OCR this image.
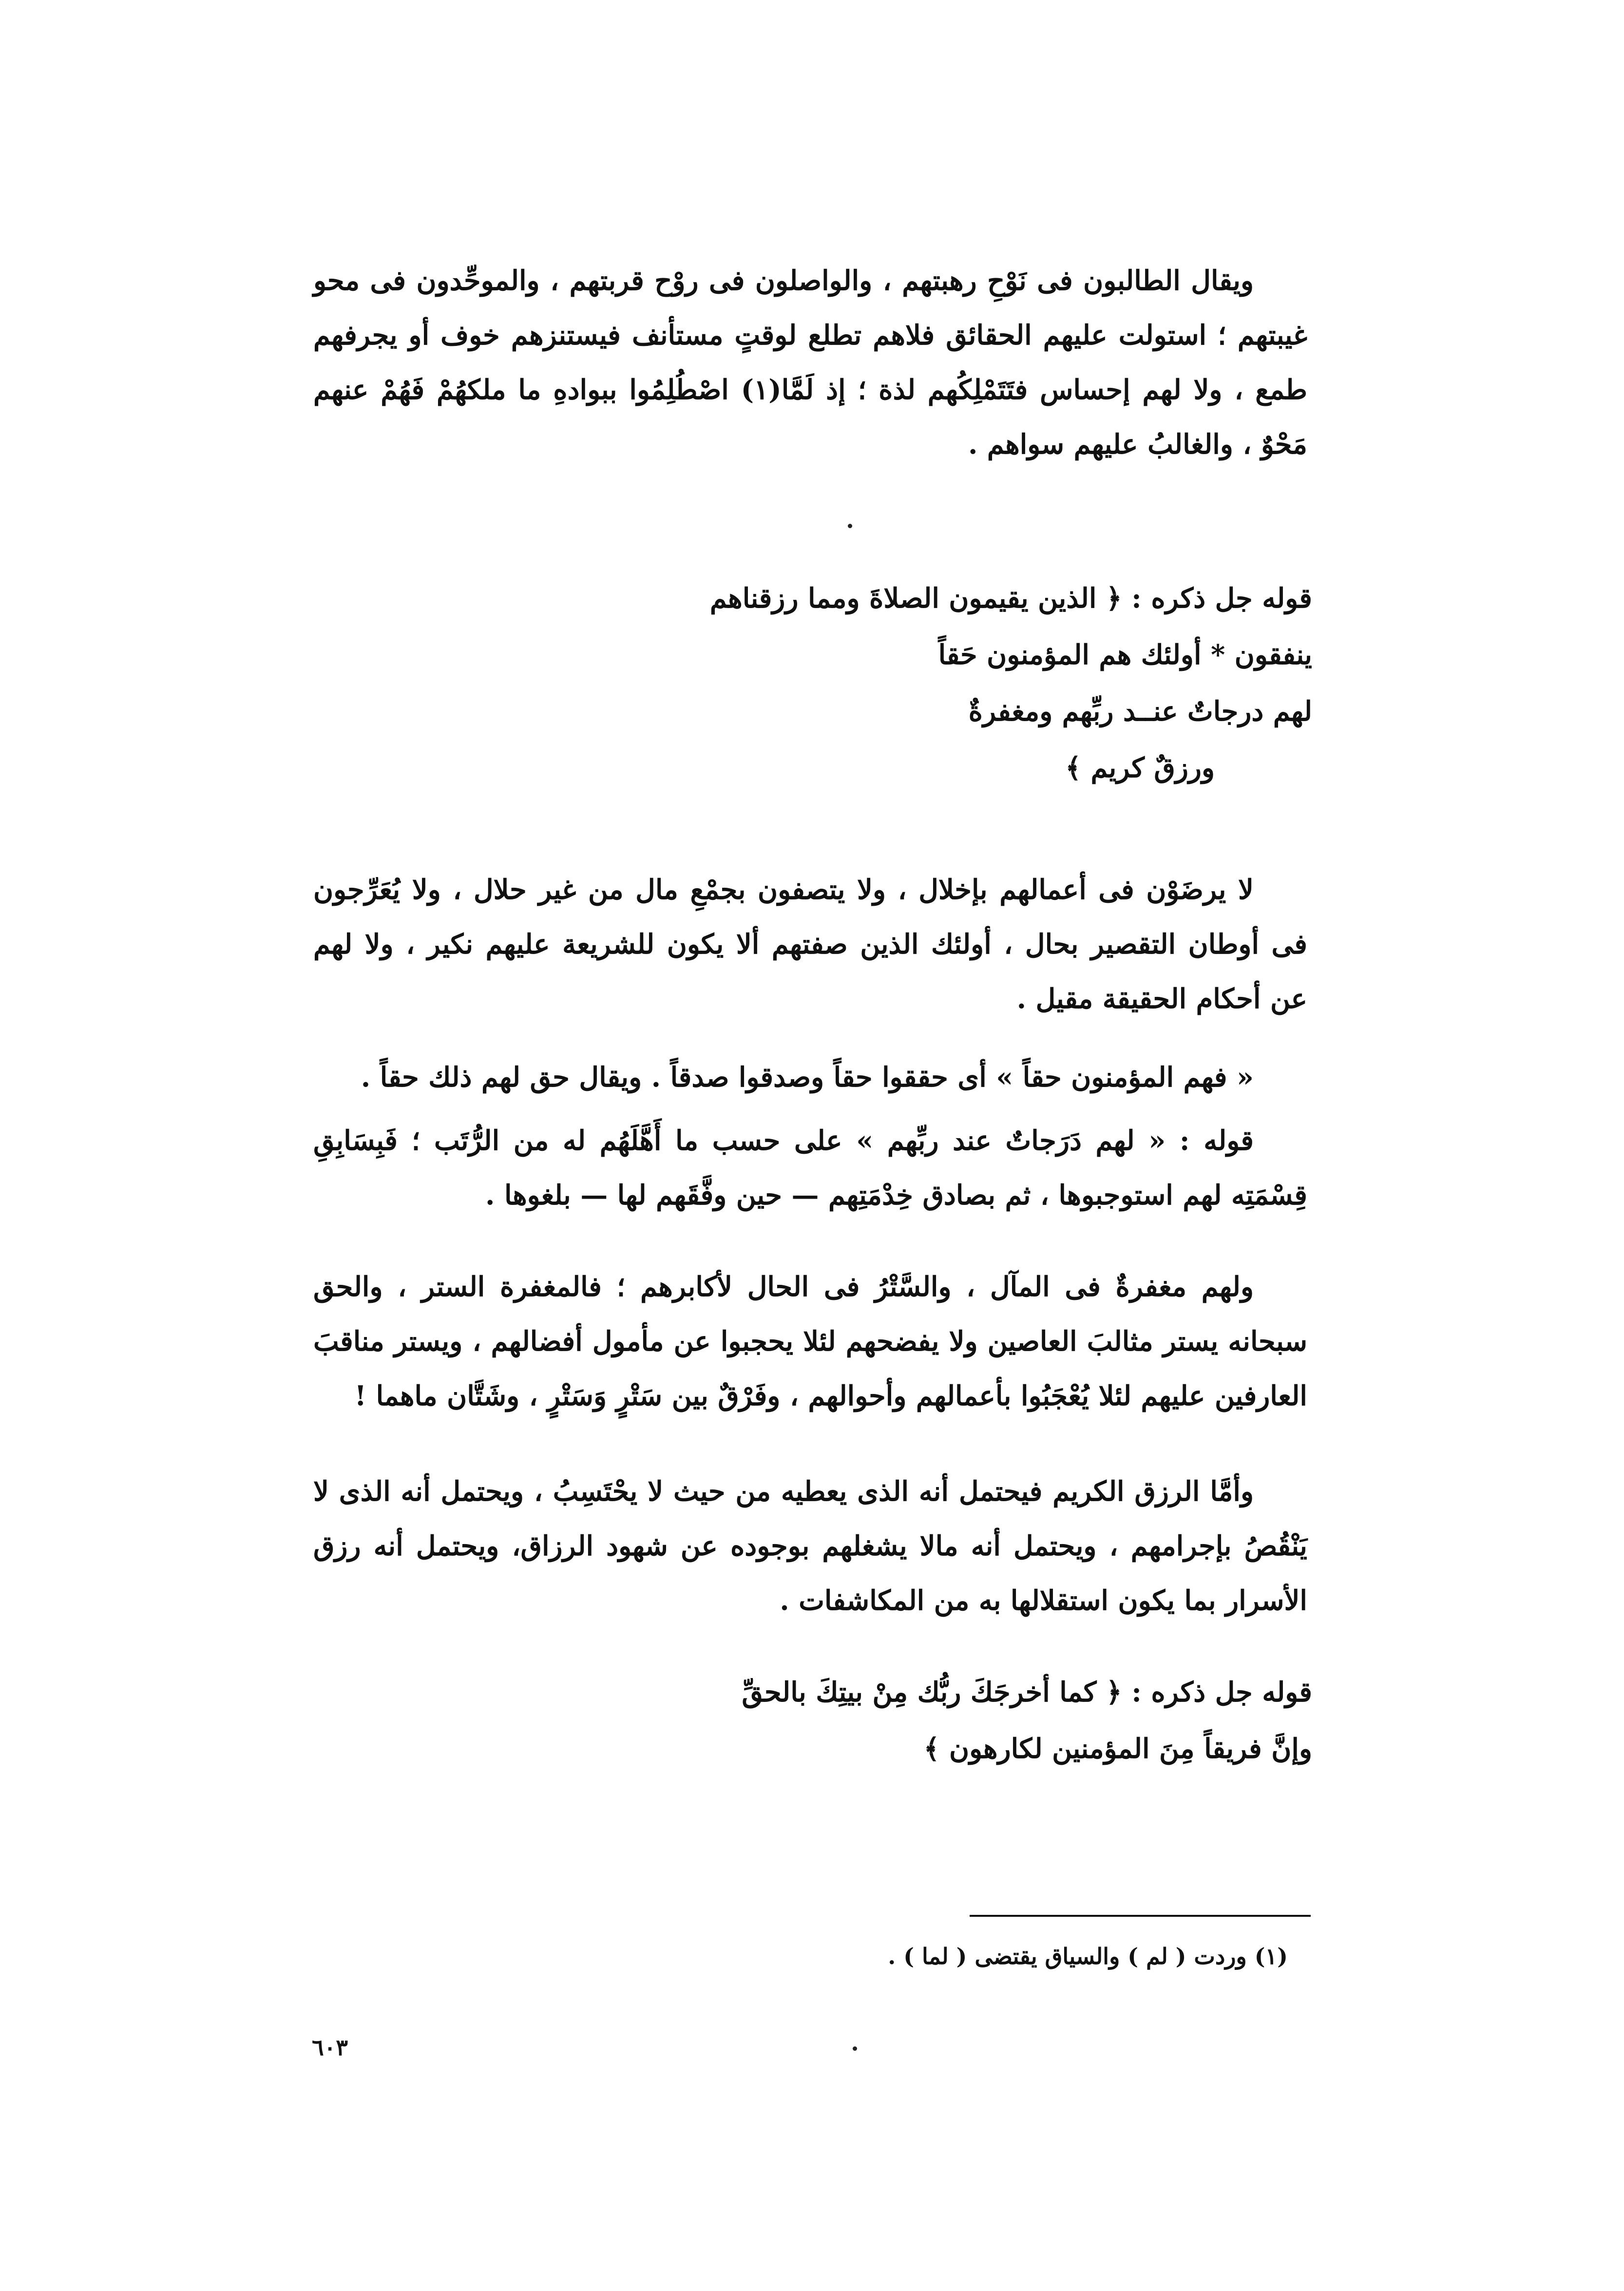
ويقال الطالبون فى نَوْحِ رهبتهم ، والواصلون فى روْح قربتهم ، والموحِّدون فى محو غيبتهم ؛ استولت عليهم الحقائق فلاهم تطلع لوقتٍ مستأنف فيستنزهم خوف أو يجرفهم طمع ، ولا لهم إحساس فتَتَمْلِكُهم لذة ؛ إذ لَمَّا(١) اصْطُلِمُوا ببوادهِ ما ملكهُمْ فَهُمْ عنهم مَحْوٌ ، والغالبُ عليهم سواهم .

قوله جل ذكره : ﴿ الذين يقيمون الصلاةَ ومما رزقناهم
ينفقون * أولئك هم المؤمنون حَقاً
لهم درجاتٌ عنــد ربِّهم ومغفرةٌ
ورزقٌ كريم ﴾

لا يرضَوْن فى أعمالهم بإخلال ، ولا يتصفون بجمْعِ مال من غير حلال ، ولا يُعَرِّجون فى أوطان التقصير بحال ، أولئك الذين صفتهم ألا يكون للشريعة عليهم نكير ، ولا لهم عن أحكام الحقيقة مقيل .

« فهم المؤمنون حقاً » أى حققوا حقاً وصدقوا صدقاً . ويقال حق لهم ذلك حقاً .

قوله : « لهم دَرَجاتٌ عند ربِّهم » على حسب ما أَهَّلَهُم له من الرُّتَب ؛ فَبِسَابِقِ قِسْمَتِه لهم استوجبوها ، ثم بصادق خِدْمَتِهم — حين وفَّقَهم لها — بلغوها .

ولهم مغفرةٌ فى المآل ، والسَّتْرُ فى الحال لأكابرهم ؛ فالمغفرة الستر ، والحق سبحانه يستر مثالبَ العاصين ولا يفضحهم لئلا يحجبوا عن مأمول أفضالهم ، ويستر مناقبَ العارفين عليهم لئلا يُعْجَبُوا بأعمالهم وأحوالهم ، وفَرْقٌ بين سَتْرٍ وَسَتْرٍ ، وشَتَّان ماهما !

وأمَّا الرزق الكريم فيحتمل أنه الذى يعطيه من حيث لا يحْتَسِبُ ، ويحتمل أنه الذى لا يَنْقُصُ بإجرامهم ، ويحتمل أنه مالا يشغلهم بوجوده عن شهود الرزاق، ويحتمل أنه رزق الأسرار بما يكون استقلالها به من المكاشفات .

قوله جل ذكره : ﴿ كما أخرجَكَ ربُّك مِنْ بيتِكَ بالحقِّ
وإنَّ فريقاً مِنَ المؤمنين لكارهون ﴾
(١) وردت ( لم ) والسياق يقتضى ( لما ) .
٦٠٣
